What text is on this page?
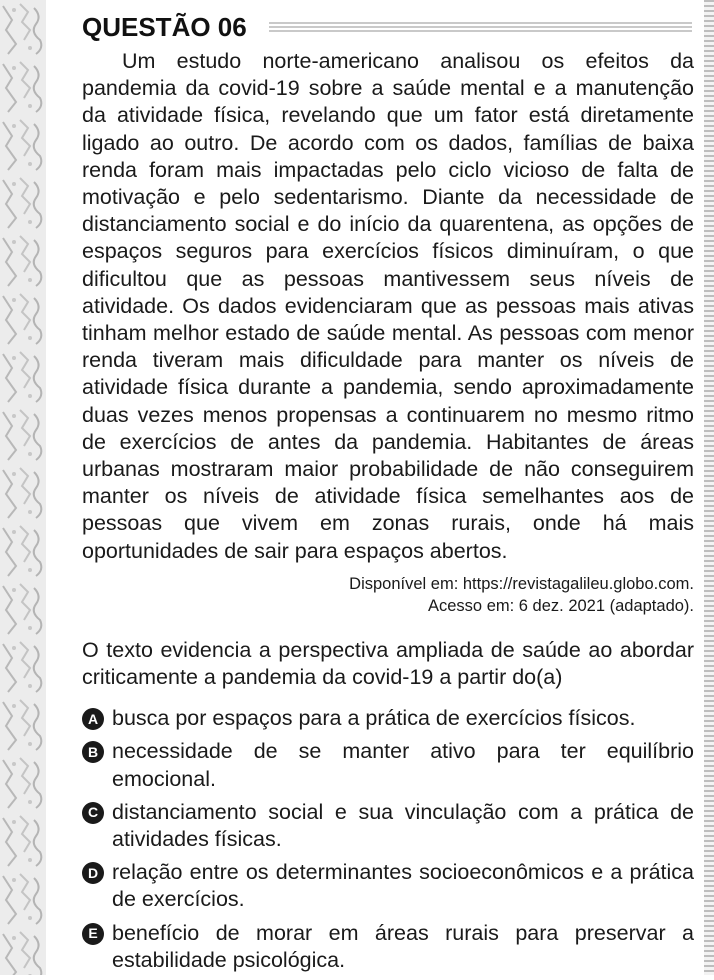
QUESTÃO 06

Um estudo norte-americano analisou os efeitos da pandemia da covid-19 sobre a saúde mental e a manutenção da atividade física, revelando que um fator está diretamente ligado ao outro. De acordo com os dados, famílias de baixa renda foram mais impactadas pelo ciclo vicioso de falta de motivação e pelo sedentarismo. Diante da necessidade de distanciamento social e do início da quarentena, as opções de espaços seguros para exercícios físicos diminuíram, o que dificultou que as pessoas mantivessem seus níveis de atividade. Os dados evidenciaram que as pessoas mais ativas tinham melhor estado de saúde mental. As pessoas com menor renda tiveram mais dificuldade para manter os níveis de atividade física durante a pandemia, sendo aproximadamente duas vezes menos propensas a continuarem no mesmo ritmo de exercícios de antes da pandemia. Habitantes de áreas urbanas mostraram maior probabilidade de não conseguirem manter os níveis de atividade física semelhantes aos de pessoas que vivem em zonas rurais, onde há mais oportunidades de sair para espaços abertos.

Disponível em: https://revistagalileu.globo.com.
Acesso em: 6 dez. 2021 (adaptado).
O texto evidencia a perspectiva ampliada de saúde ao abordar criticamente a pandemia da covid-19 a partir do(a)
A busca por espaços para a prática de exercícios físicos.
B necessidade de se manter ativo para ter equilíbrio emocional.
C distanciamento social e sua vinculação com a prática de atividades físicas.
D relação entre os determinantes socioeconômicos e a prática de exercícios.
E benefício de morar em áreas rurais para preservar a estabilidade psicológica.
